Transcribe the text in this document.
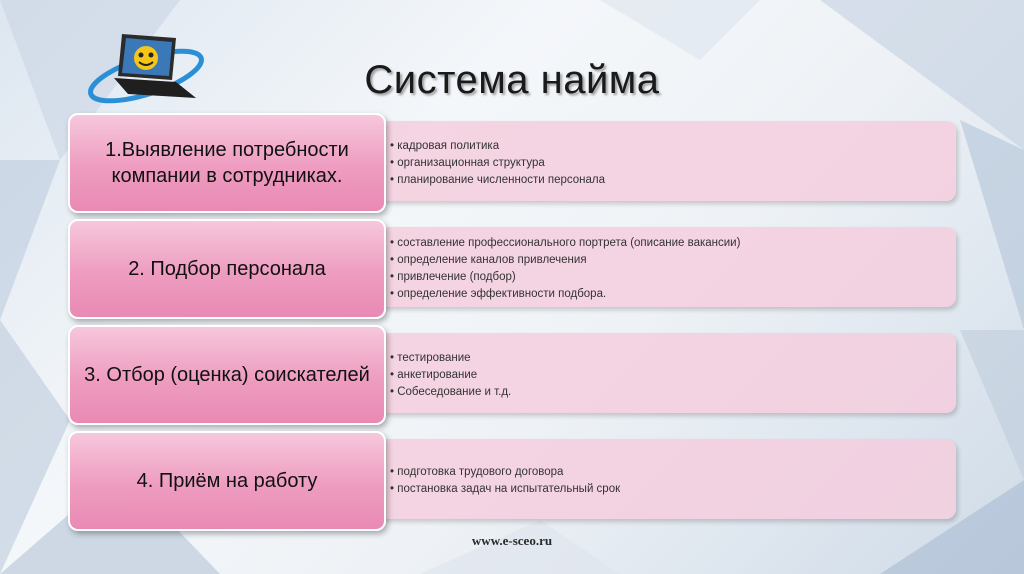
Система найма
• кадровая политика
• организационная структура
• планирование численности персонала
1.Выявление потребности компании в сотрудниках.
• составление профессионального портрета (описание вакансии)
• определение каналов привлечения
• привлечение (подбор)
• определение эффективности подбора.
2. Подбор персонала
• тестирование
• анкетирование
• Собеседование и т.д.
3. Отбор (оценка) соискателей
• подготовка трудового договора
• постановка задач на испытательный срок
4. Приём на работу
www.e-sceo.ru
